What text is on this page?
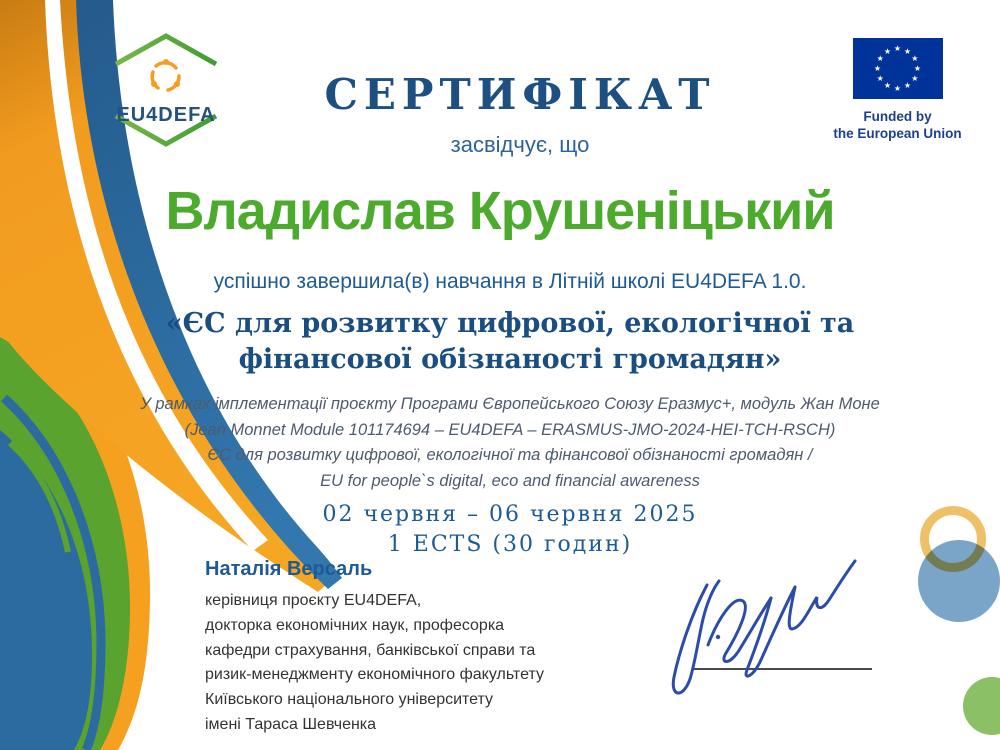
EU4DEFA
★ ★
★
★
★
★
★
★
★
★
★
★
Funded by
the European Union
СЕРТИФІКАТ
засвідчує, що
Владислав Крушеніцький
успішно завершила(в) навчання в Літній школі EU4DEFA 1.0.
«ЄС для розвитку цифрової, екологічної та
фінансової обізнаності громадян»
У рамках імплементації проєкту Програми Європейського Союзу Еразмус+, модуль Жан Моне
(Jean Monnet Module 101174694 – EU4DEFA – ERASMUS-JMO-2024-HEI-TCH-RSCH)
ЄС для розвитку цифрової, екологічної та фінансової обізнаності громадян /
EU for people`s digital, eco and financial awareness
02 червня – 06 червня 2025
1 ECTS (30 годин)
Наталія Версаль
керівниця проєкту EU4DEFA,
докторка економічних наук, професорка
кафедри страхування, банківської справи та
ризик-менеджменту економічного факультету
Київського національного університету
імені Тараса Шевченка
